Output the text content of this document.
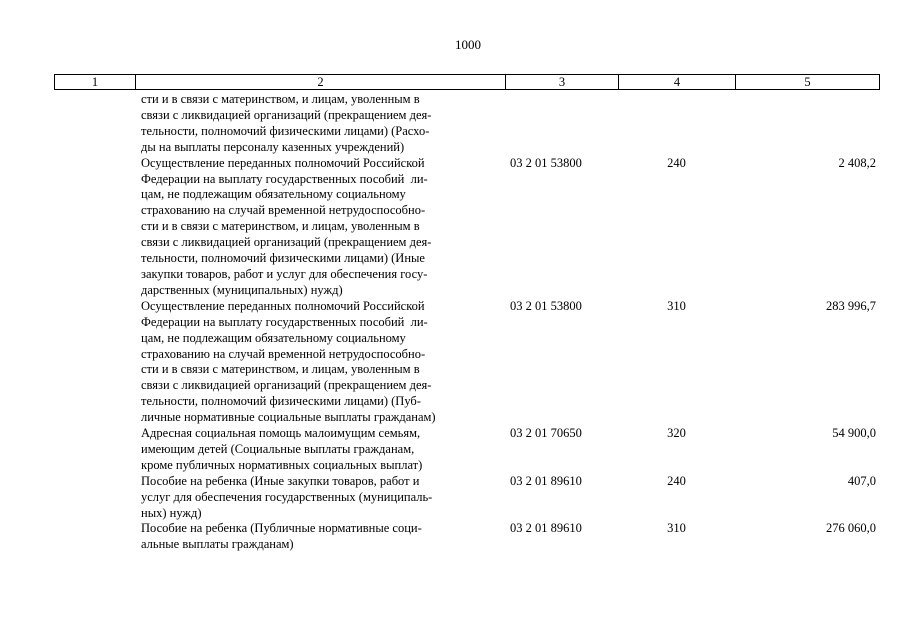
1000
1	2	3	4	5
сти и в связи с материнством, и лицам, уволенным в
связи с ликвидацией организаций (прекращением дея-
тельности, полномочий физическими лицами) (Расхо-
ды на выплаты персоналу казенных учреждений)
Осуществление переданных полномочий Российской
Федерации на выплату государственных пособий  ли-
цам, не подлежащим обязательному социальному
страхованию на случай временной нетрудоспособно-
сти и в связи с материнством, и лицам, уволенным в
связи с ликвидацией организаций (прекращением дея-
тельности, полномочий физическими лицами) (Иные
закупки товаров, работ и услуг для обеспечения госу-
дарственных (муниципальных) нужд)
03 2 01 53800	240	2 408,2
Осуществление переданных полномочий Российской
Федерации на выплату государственных пособий  ли-
цам, не подлежащим обязательному социальному
страхованию на случай временной нетрудоспособно-
сти и в связи с материнством, и лицам, уволенным в
связи с ликвидацией организаций (прекращением дея-
тельности, полномочий физическими лицами) (Пуб-
личные нормативные социальные выплаты гражданам)
03 2 01 53800	310	283 996,7
Адресная социальная помощь малоимущим семьям,
имеющим детей (Социальные выплаты гражданам,
кроме публичных нормативных социальных выплат)
03 2 01 70650	320	54 900,0
Пособие на ребенка (Иные закупки товаров, работ и
услуг для обеспечения государственных (муниципаль-
ных) нужд)
03 2 01 89610	240	407,0
Пособие на ребенка (Публичные нормативные соци-
альные выплаты гражданам)
03 2 01 89610	310	276 060,0
